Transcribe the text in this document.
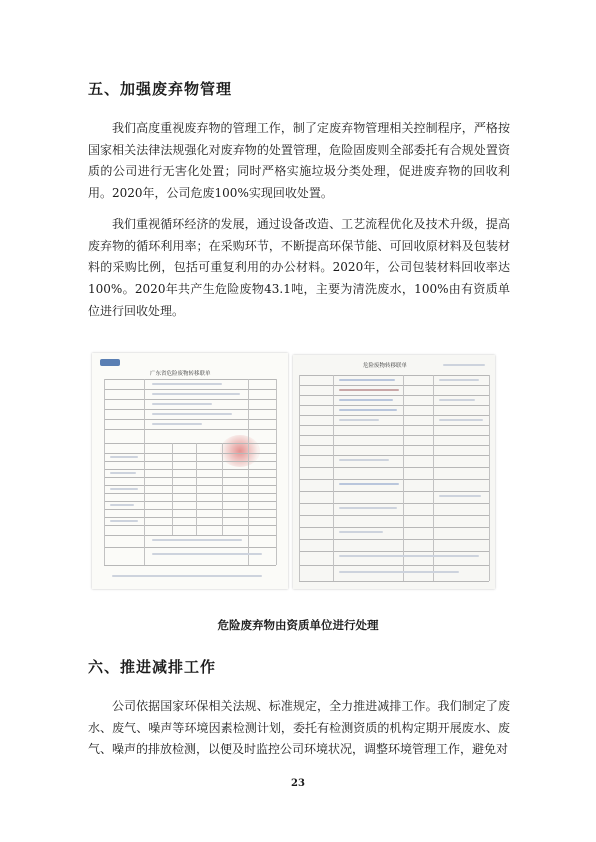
五、加强废弃物管理

我们高度重视废弃物的管理工作，制了定废弃物管理相关控制程序，严格按国家相关法律法规强化对废弃物的处置管理，危险固废则全部委托有合规处置资质的公司进行无害化处置；同时严格实施垃圾分类处理，促进废弃物的回收利用。2020年，公司危废100%实现回收处置。

我们重视循环经济的发展，通过设备改造、工艺流程优化及技术升级，提高废弃物的循环利用率；在采购环节，不断提高环保节能、可回收原材料及包装材料的采购比例，包括可重复利用的办公材料。2020年，公司包装材料回收率达100%。2020年共产生危险废物43.1吨，主要为清洗废水，100%由有资质单位进行回收处理。

广东省危险废物转移联单
危险废物转移联单

危险废弃物由资质单位进行处理

六、推进减排工作

公司依据国家环保相关法规、标准规定，全力推进减排工作。我们制定了废水、废气、噪声等环境因素检测计划，委托有检测资质的机构定期开展废水、废气、噪声的排放检测，以便及时监控公司环境状况，调整环境管理工作，避免对

23
